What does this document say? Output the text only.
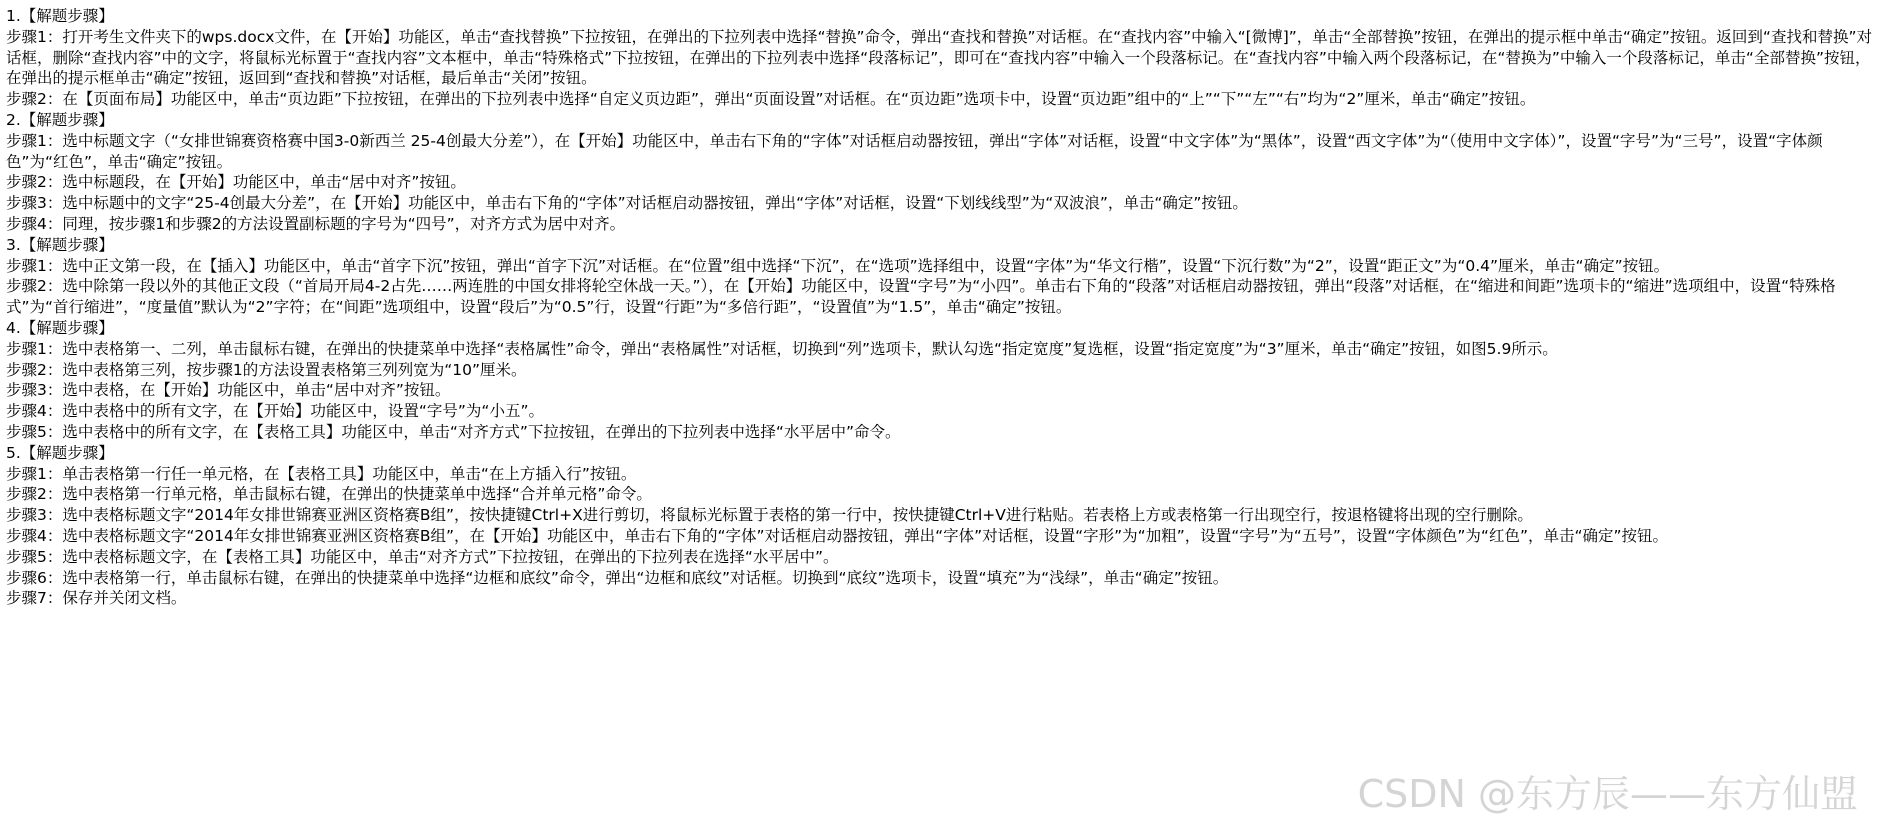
1.【解题步骤】

步骤1：打开考生文件夹下的wps.docx文件，在【开始】功能区，单击“查找替换”下拉按钮，在弹出的下拉列表中选择“替换”命令，弹出“查找和替换”对话框。在“查找内容”中输入“[微博]”，单击“全部替换”按钮，在弹出的提示框中单击“确定”按钮。返回到“查找和替换”对话框，删除“查找内容”中的文字，将鼠标光标置于“查找内容”文本框中，单击“特殊格式”下拉按钮，在弹出的下拉列表中选择“段落标记”，即可在“查找内容”中输入一个段落标记。在“查找内容”中输入两个段落标记，在“替换为”中输入一个段落标记，单击“全部替换”按钮，在弹出的提示框单击“确定”按钮，返回到“查找和替换”对话框，最后单击“关闭”按钮。

步骤2：在【页面布局】功能区中，单击“页边距”下拉按钮，在弹出的下拉列表中选择“自定义页边距”，弹出“页面设置”对话框。在“页边距”选项卡中，设置“页边距”组中的“上”“下”“左”“右”均为“2”厘米，单击“确定”按钮。

2.【解题步骤】

步骤1：选中标题文字（“女排世锦赛资格赛中国3-0新西兰 25-4创最大分差”），在【开始】功能区中，单击右下角的“字体”对话框启动器按钮，弹出“字体”对话框，设置“中文字体”为“黑体”，设置“西文字体”为“（使用中文字体）”，设置“字号”为“三号”，设置“字体颜色”为“红色”，单击“确定”按钮。

步骤2：选中标题段，在【开始】功能区中，单击“居中对齐”按钮。

步骤3：选中标题中的文字“25-4创最大分差”，在【开始】功能区中，单击右下角的“字体”对话框启动器按钮，弹出“字体”对话框，设置“下划线线型”为“双波浪”，单击“确定”按钮。

步骤4：同理，按步骤1和步骤2的方法设置副标题的字号为“四号”，对齐方式为居中对齐。

3.【解题步骤】

步骤1：选中正文第一段，在【插入】功能区中，单击“首字下沉”按钮，弹出“首字下沉”对话框。在“位置”组中选择“下沉”，在“选项”选择组中，设置“字体”为“华文行楷”，设置“下沉行数”为“2”，设置“距正文”为“0.4”厘米，单击“确定”按钮。

步骤2：选中除第一段以外的其他正文段（“首局开局4-2占先……两连胜的中国女排将轮空休战一天。”），在【开始】功能区中，设置“字号”为“小四”。单击右下角的“段落”对话框启动器按钮，弹出“段落”对话框，在“缩进和间距”选项卡的“缩进”选项组中，设置“特殊格式”为“首行缩进”，“度量值”默认为“2”字符；在“间距”选项组中，设置“段后”为“0.5”行，设置“行距”为“多倍行距”，“设置值”为“1.5”，单击“确定”按钮。

4.【解题步骤】

步骤1：选中表格第一、二列，单击鼠标右键，在弹出的快捷菜单中选择“表格属性”命令，弹出“表格属性”对话框，切换到“列”选项卡，默认勾选“指定宽度”复选框，设置“指定宽度”为“3”厘米，单击“确定”按钮，如图5.9所示。

步骤2：选中表格第三列，按步骤1的方法设置表格第三列列宽为“10”厘米。

步骤3：选中表格，在【开始】功能区中，单击“居中对齐”按钮。

步骤4：选中表格中的所有文字，在【开始】功能区中，设置“字号”为“小五”。

步骤5：选中表格中的所有文字，在【表格工具】功能区中，单击“对齐方式”下拉按钮，在弹出的下拉列表中选择“水平居中”命令。

5.【解题步骤】

步骤1：单击表格第一行任一单元格，在【表格工具】功能区中，单击“在上方插入行”按钮。

步骤2：选中表格第一行单元格，单击鼠标右键，在弹出的快捷菜单中选择“合并单元格”命令。

步骤3：选中表格标题文字“2014年女排世锦赛亚洲区资格赛B组”，按快捷键Ctrl+X进行剪切，将鼠标光标置于表格的第一行中，按快捷键Ctrl+V进行粘贴。若表格上方或表格第一行出现空行，按退格键将出现的空行删除。

步骤4：选中表格标题文字“2014年女排世锦赛亚洲区资格赛B组”，在【开始】功能区中，单击右下角的“字体”对话框启动器按钮，弹出“字体”对话框，设置“字形”为“加粗”，设置“字号”为“五号”，设置“字体颜色”为“红色”，单击“确定”按钮。

步骤5：选中表格标题文字，在【表格工具】功能区中，单击“对齐方式”下拉按钮，在弹出的下拉列表在选择“水平居中”。

步骤6：选中表格第一行，单击鼠标右键，在弹出的快捷菜单中选择“边框和底纹”命令，弹出“边框和底纹”对话框。切换到“底纹”选项卡，设置“填充”为“浅绿”，单击“确定”按钮。

步骤7：保存并关闭文档。

CSDN @东方辰——东方仙盟
